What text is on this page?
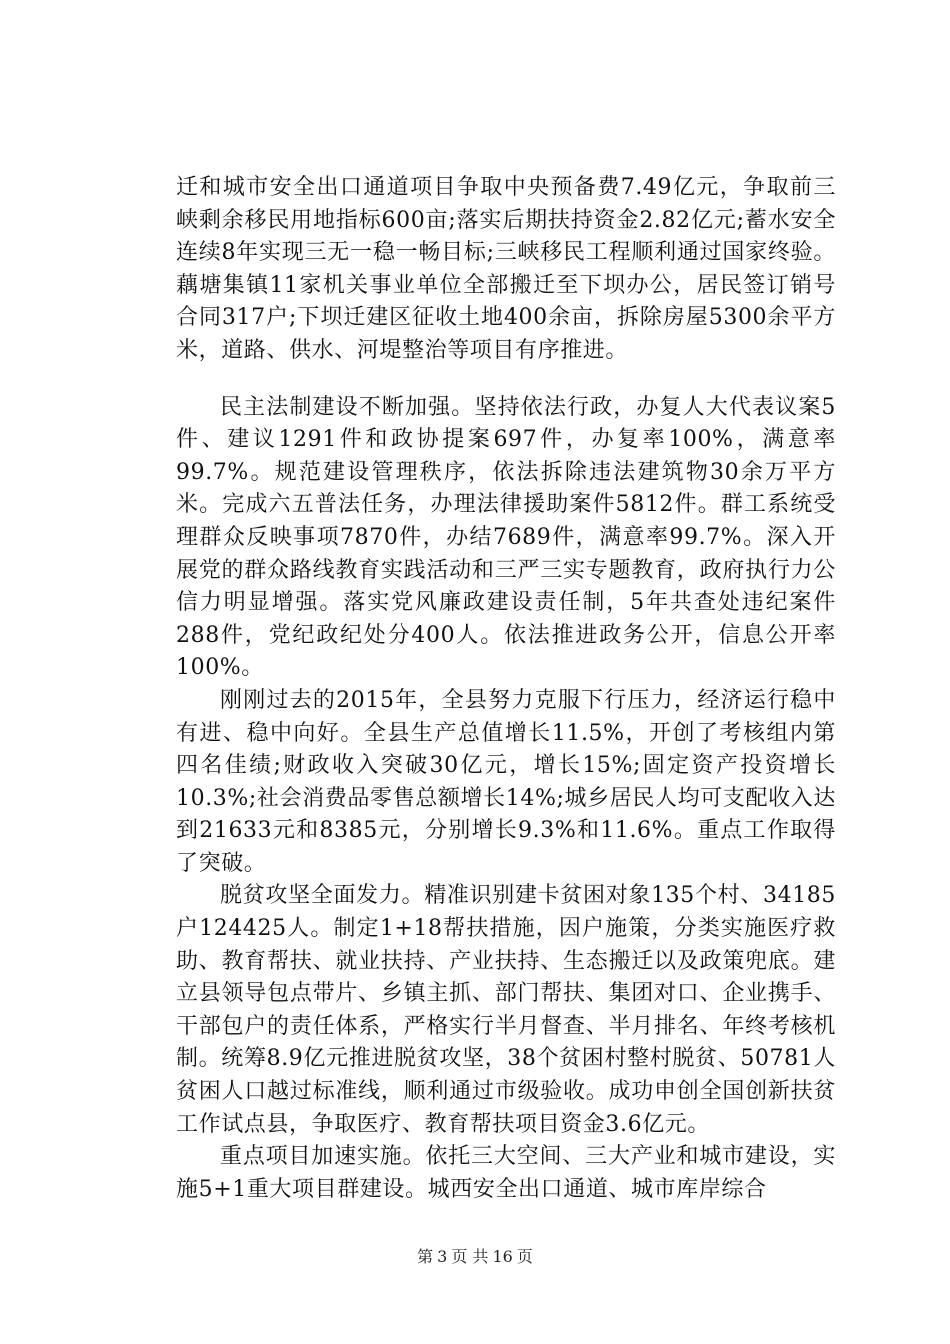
迁和城市安全出口通道项目争取中央预备费7.49亿元，争取前三峡剩余移民用地指标600亩;落实后期扶持资金2.82亿元;蓄水安全连续8年实现三无一稳一畅目标;三峡移民工程顺利通过国家终验。藕塘集镇11家机关事业单位全部搬迁至下坝办公，居民签订销号合同317户;下坝迁建区征收土地400余亩，拆除房屋5300余平方米，道路、供水、河堤整治等项目有序推进。

民主法制建设不断加强。坚持依法行政，办复人大代表议案5件、建议1291件和政协提案697件，办复率100%，满意率99.7%。规范建设管理秩序，依法拆除违法建筑物30余万平方米。完成六五普法任务，办理法律援助案件5812件。群工系统受理群众反映事项7870件，办结7689件，满意率99.7%。深入开展党的群众路线教育实践活动和三严三实专题教育，政府执行力公信力明显增强。落实党风廉政建设责任制，5年共查处违纪案件288件，党纪政纪处分400人。依法推进政务公开，信息公开率100%。

刚刚过去的2015年，全县努力克服下行压力，经济运行稳中有进、稳中向好。全县生产总值增长11.5%，开创了考核组内第四名佳绩;财政收入突破30亿元，增长15%;固定资产投资增长10.3%;社会消费品零售总额增长14%;城乡居民人均可支配收入达到21633元和8385元，分别增长9.3%和11.6%。重点工作取得了突破。

脱贫攻坚全面发力。精准识别建卡贫困对象135个村、34185户124425人。制定1+18帮扶措施，因户施策，分类实施医疗救助、教育帮扶、就业扶持、产业扶持、生态搬迁以及政策兜底。建立县领导包点带片、乡镇主抓、部门帮扶、集团对口、企业携手、干部包户的责任体系，严格实行半月督查、半月排名、年终考核机制。统筹8.9亿元推进脱贫攻坚，38个贫困村整村脱贫、50781人贫困人口越过标准线，顺利通过市级验收。成功申创全国创新扶贫工作试点县，争取医疗、教育帮扶项目资金3.6亿元。

重点项目加速实施。依托三大空间、三大产业和城市建设，实施5+1重大项目群建设。城西安全出口通道、城市库岸综合

第 3 页 共 16 页
